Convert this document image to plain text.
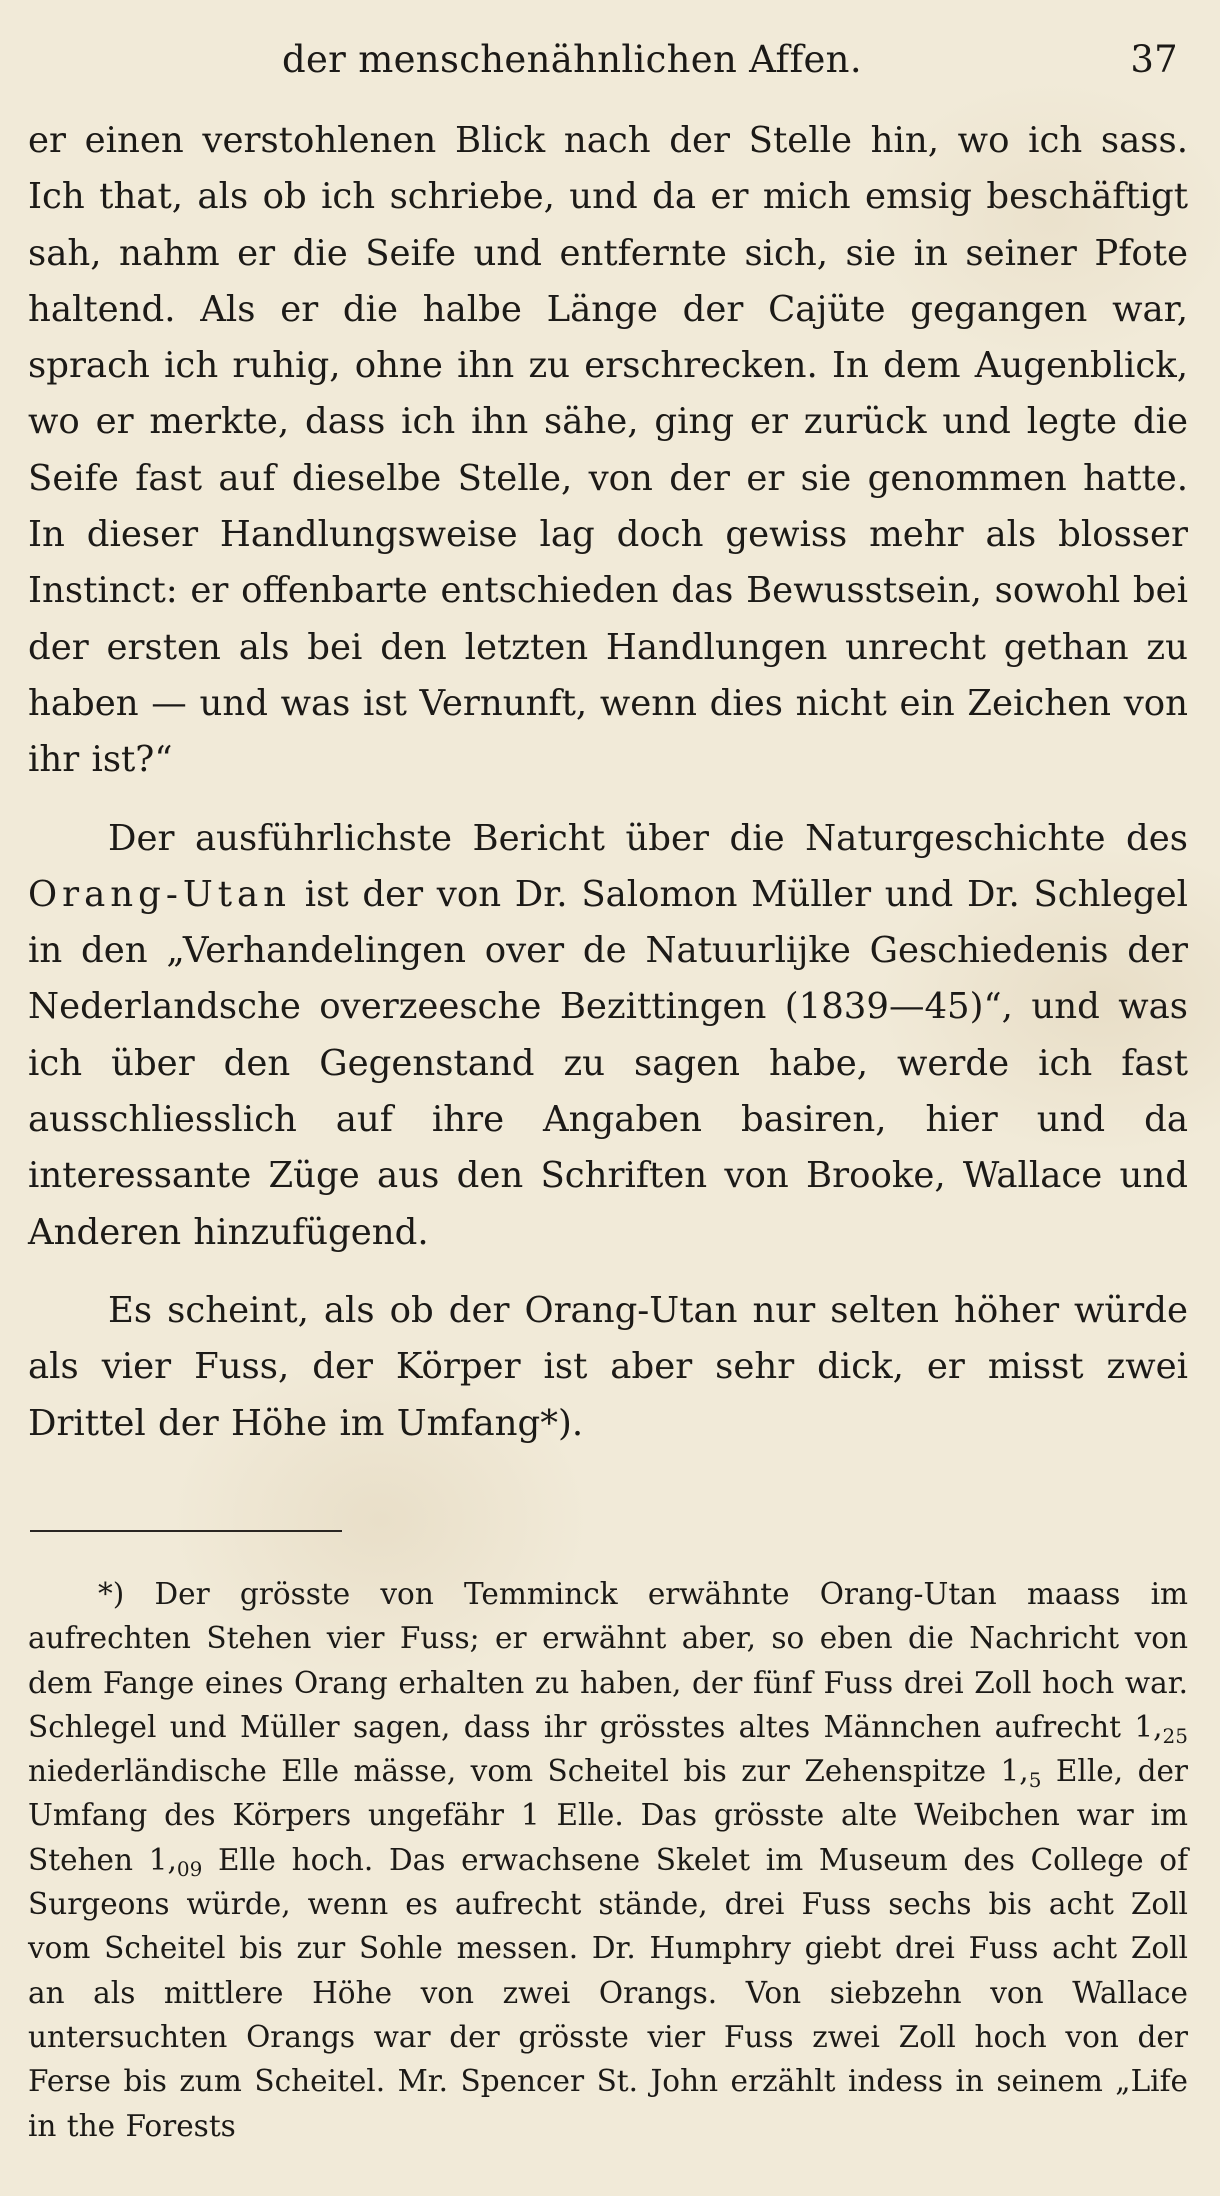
der menschenähnlichen Affen.	37

er einen verstohlenen Blick nach der Stelle hin, wo ich sass. Ich that, als ob ich schriebe, und da er mich emsig beschäftigt sah, nahm er die Seife und entfernte sich, sie in seiner Pfote haltend. Als er die halbe Länge der Cajüte gegangen war, sprach ich ruhig, ohne ihn zu erschrecken. In dem Augenblick, wo er merkte, dass ich ihn sähe, ging er zurück und legte die Seife fast auf dieselbe Stelle, von der er sie genommen hatte. In dieser Handlungsweise lag doch gewiss mehr als blosser Instinct: er offenbarte entschieden das Bewusstsein, sowohl bei der ersten als bei den letzten Handlungen unrecht gethan zu haben — und was ist Vernunft, wenn dies nicht ein Zeichen von ihr ist?“

Der ausführlichste Bericht über die Naturgeschichte des Orang-Utan ist der von Dr. Salomon Müller und Dr. Schlegel in den „Verhandelingen over de Natuurlijke Geschiedenis der Nederlandsche overzeesche Bezittingen (1839—45)“, und was ich über den Gegenstand zu sagen habe, werde ich fast ausschliesslich auf ihre Angaben basiren, hier und da interessante Züge aus den Schriften von Brooke, Wallace und Anderen hinzufügend.

Es scheint, als ob der Orang-Utan nur selten höher würde als vier Fuss, der Körper ist aber sehr dick, er misst zwei Drittel der Höhe im Umfang*).

*) Der grösste von Temminck erwähnte Orang-Utan maass im aufrechten Stehen vier Fuss; er erwähnt aber, so eben die Nachricht von dem Fange eines Orang erhalten zu haben, der fünf Fuss drei Zoll hoch war. Schlegel und Müller sagen, dass ihr grösstes altes Männchen aufrecht $1,_{25}$ niederländische Elle mässe, vom Scheitel bis zur Zehenspitze $1,_5$ Elle, der Umfang des Körpers ungefähr 1 Elle. Das grösste alte Weibchen war im Stehen $1,_{09}$ Elle hoch. Das erwachsene Skelet im Museum des College of Surgeons würde, wenn es aufrecht stände, drei Fuss sechs bis acht Zoll vom Scheitel bis zur Sohle messen. Dr. Humphry giebt drei Fuss acht Zoll an als mittlere Höhe von zwei Orangs. Von siebzehn von Wallace untersuchten Orangs war der grösste vier Fuss zwei Zoll hoch von der Ferse bis zum Scheitel. Mr. Spencer St. John erzählt indess in seinem „Life in the Forests
